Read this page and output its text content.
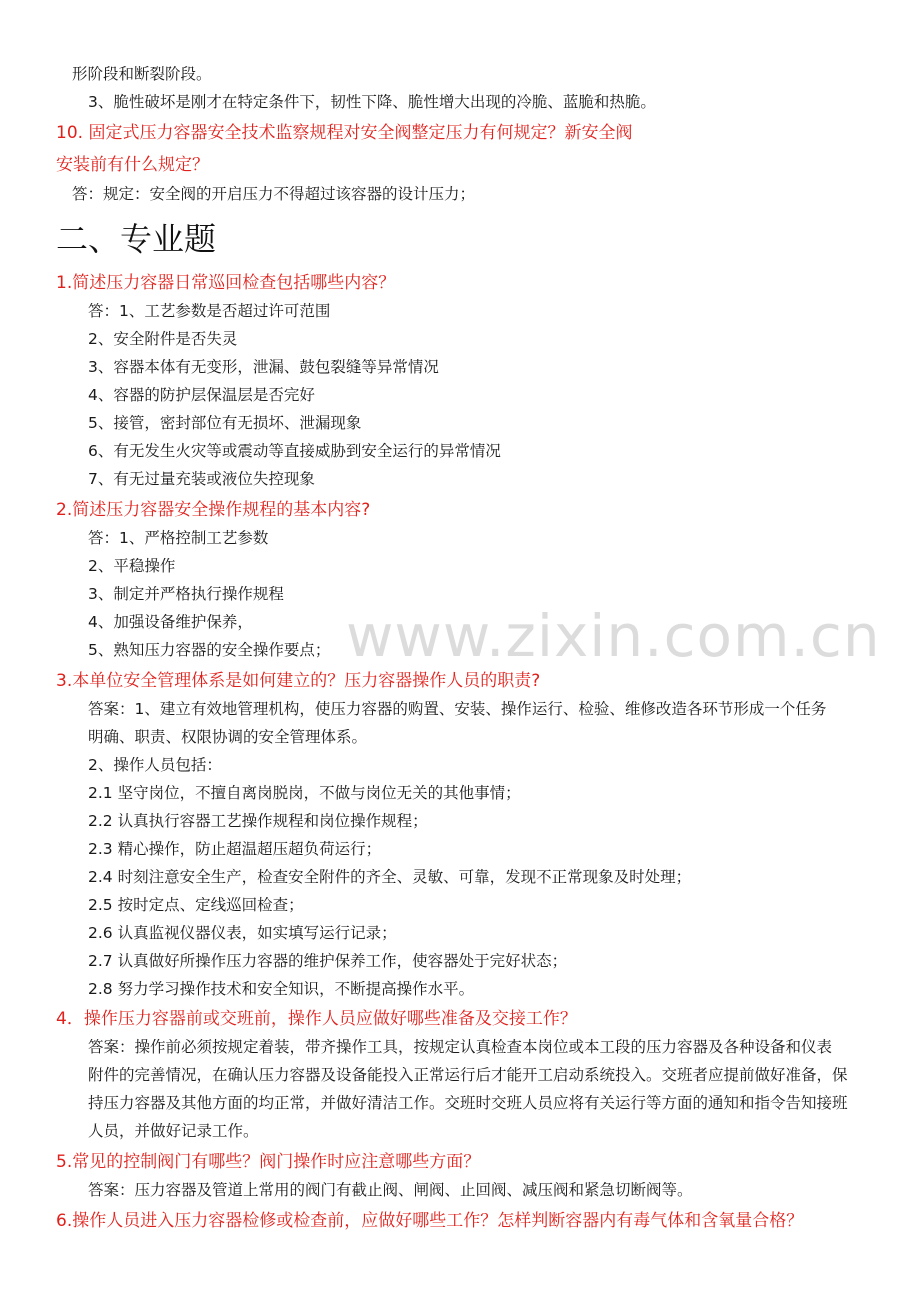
www.zixin.com.cn
形阶段和断裂阶段。
3、脆性破坏是刚才在特定条件下，韧性下降、脆性增大出现的冷脆、蓝脆和热脆。
10. 固定式压力容器安全技术监察规程对安全阀整定压力有何规定？新安全阀
安装前有什么规定？
答：规定：安全阀的开启压力不得超过该容器的设计压力；
二、专业题
1.简述压力容器日常巡回检查包括哪些内容？
答：1、工艺参数是否超过许可范围
2、安全附件是否失灵
3、容器本体有无变形，泄漏、鼓包裂缝等异常情况
4、容器的防护层保温层是否完好
5、接管，密封部位有无损坏、泄漏现象
6、有无发生火灾等或震动等直接威胁到安全运行的异常情况
7、有无过量充装或液位失控现象
2.简述压力容器安全操作规程的基本内容?
答：1、严格控制工艺参数
2、平稳操作
3、制定并严格执行操作规程
4、加强设备维护保养，
5、熟知压力容器的安全操作要点；
3.本单位安全管理体系是如何建立的？压力容器操作人员的职责?
答案：1、建立有效地管理机构，使压力容器的购置、安装、操作运行、检验、维修改造各环节形成一个任务
明确、职责、权限协调的安全管理体系。
2、操作人员包括：
2.1 坚守岗位，不擅自离岗脱岗，不做与岗位无关的其他事情；
2.2 认真执行容器工艺操作规程和岗位操作规程；
2.3 精心操作，防止超温超压超负荷运行；
2.4 时刻注意安全生产，检查安全附件的齐全、灵敏、可靠，发现不正常现象及时处理；
2.5 按时定点、定线巡回检查；
2.6 认真监视仪器仪表，如实填写运行记录；
2.7 认真做好所操作压力容器的维护保养工作，使容器处于完好状态；
2.8 努力学习操作技术和安全知识，不断提高操作水平。
4．操作压力容器前或交班前，操作人员应做好哪些准备及交接工作？
答案：操作前必须按规定着装，带齐操作工具，按规定认真检查本岗位或本工段的压力容器及各种设备和仪表
附件的完善情况，在确认压力容器及设备能投入正常运行后才能开工启动系统投入。交班者应提前做好准备，保
持压力容器及其他方面的均正常，并做好清洁工作。交班时交班人员应将有关运行等方面的通知和指令告知接班
人员，并做好记录工作。
5.常见的控制阀门有哪些？阀门操作时应注意哪些方面？
答案：压力容器及管道上常用的阀门有截止阀、闸阀、止回阀、减压阀和紧急切断阀等。
6.操作人员进入压力容器检修或检查前，应做好哪些工作？怎样判断容器内有毒气体和含氧量合格？
